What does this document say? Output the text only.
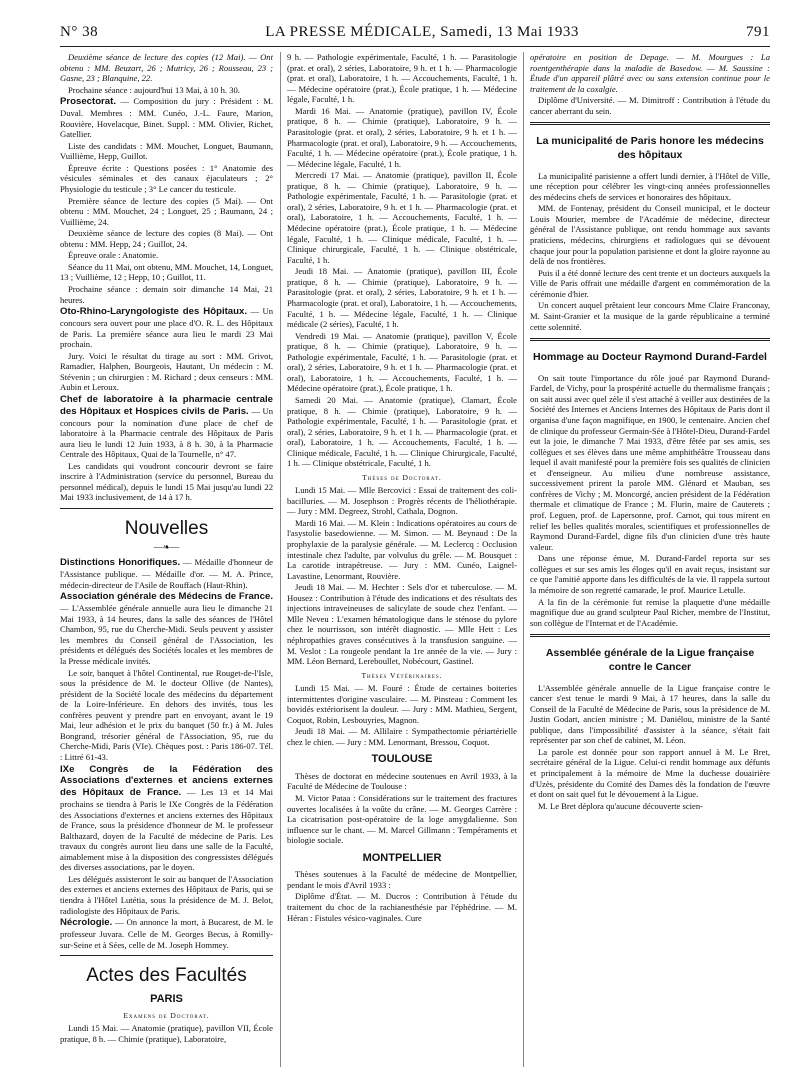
N° 38	LA PRESSE MÉDICALE, Samedi, 13 Mai 1933	791

Deuxième séance de lecture des copies (12 Mai). — Ont obtenu : MM. Beuzart, 26 ; Mutricy, 26 ; Rousseau, 23 ; Gasne, 23 ; Blanquine, 22.

Prochaine séance : aujourd'hui 13 Mai, à 10 h. 30.

Prosectorat. — Composition du jury : Président : M. Duval. Membres : MM. Cunéo, J.-L. Faure, Marion, Rouvière, Hovelacque, Binet. Suppl. : MM. Olivier, Richet, Gatellier.

Liste des candidats : MM. Mouchet, Longuet, Baumann, Vuillième, Hepp, Guillot.

Épreuve écrite : Questions posées : 1° Anatomie des vésicules séminales et des canaux éjaculateurs ; 2° Physiologie du testicule ; 3° Le cancer du testicule.

Première séance de lecture des copies (5 Mai). — Ont obtenu : MM. Mouchet, 24 ; Longuet, 25 ; Baumann, 24 ; Vuillième, 24.

Deuxième séance de lecture des copies (8 Mai). — Ont obtenu : MM. Hepp, 24 ; Guillot, 24.

Épreuve orale : Anatomie.

Séance du 11 Mai, ont obtenu, MM. Mouchet, 14, Longuet, 13 ; Vuillième, 12 ; Hepp, 10 ; Guillot, 11.

Prochaine séance : demain soir dimanche 14 Mai, 21 heures.

Oto-Rhino-Laryngologiste des Hôpitaux. — Un concours sera ouvert pour une place d'O. R. L. des Hôpitaux de Paris. La première séance aura lieu le mardi 23 Mai prochain.

Jury. Voici le résultat du tirage au sort : MM. Grivot, Ramadier, Halphen, Bourgeois, Hautant, Un médecin : M. Stévenin ; un chirurgien : M. Richard ; deux censeurs : MM. Aubin et Leroux.

Chef de laboratoire à la pharmacie centrale des Hôpitaux et Hospices civils de Paris. — Un concours pour la nomination d'une place de chef de laboratoire à la Pharmacie centrale des Hôpitaux de Paris aura lieu le lundi 12 Juin 1933, à 8 h. 30, à la Pharmacie Centrale des Hôpitaux, Quai de la Tournelle, n° 47.

Les candidats qui voudront concourir devront se faire inscrire à l'Administration (service du personnel, Bureau du personnel médical), depuis le lundi 15 Mai jusqu'au lundi 22 Mai 1933 inclusivement, de 14 à 17 h.

Nouvelles
—❧—

Distinctions Honorifiques. — Médaille d'honneur de l'Assistance publique. — Médaille d'or. — M. A. Prince, médecin-directeur de l'Asile de Rouffach (Haut-Rhin).

Association générale des Médecins de France. — L'Assemblée générale annuelle aura lieu le dimanche 21 Mai 1933, à 14 heures, dans la salle des séances de l'Hôtel Chambon, 95, rue du Cherche-Midi. Seuls peuvent y assister les membres du Conseil général de l'Association, les présidents et délégués des Sociétés locales et les membres de la Presse médicale invités.

Le soir, banquet à l'hôtel Continental, rue Rouget-de-l'Isle, sous la présidence de M. le docteur Ollive (de Nantes), président de la Société locale des médecins du département de la Loire-Inférieure. En dehors des invités, tous les confrères peuvent y prendre part en envoyant, avant le 19 Mai, leur adhésion et le prix du banquet (50 fr.) à M. Jules Bongrand, trésorier général de l'Association, 95, rue du Cherche-Midi, Paris (VIe). Chèques post. : Paris 186-07. Tél. : Littré 61-43.

IXe Congrès de la Fédération des Associations d'externes et anciens externes des Hôpitaux de France. — Les 13 et 14 Mai prochains se tiendra à Paris le IXe Congrès de la Fédération des Associations d'externes et anciens externes des Hôpitaux de France, sous la présidence d'honneur de M. le professeur Balthazard, doyen de la Faculté de médecine de Paris. Les travaux du congrès auront lieu dans une salle de la Faculté, aimablement mise à la disposition des congressistes délégués des diverses associations, par le doyen.

Les délégués assisteront le soir au banquet de l'Association des externes et anciens externes des Hôpitaux de Paris, qui se tiendra à l'Hôtel Lutétia, sous la présidence de M. J. Belot, radiologiste des Hôpitaux de Paris.

Nécrologie. — On annonce la mort, à Bucarest, de M. le professeur Juvara. Celle de M. Georges Becus, à Romilly-sur-Seine et à Sées, celle de M. Joseph Hommey.

Actes des Facultés
PARIS
Examens de Doctorat.

Lundi 15 Mai. — Anatomie (pratique), pavillon VII, École pratique, 8 h. — Chimie (pratique), Laboratoire,

9 h. — Pathologie expérimentale, Faculté, 1 h. — Parasitologie (prat. et oral), 2 séries, Laboratoire, 9 h. et 1 h. — Pharmacologie (prat. et oral), Laboratoire, 1 h. — Accouchements, Faculté, 1 h. — Médecine opératoire (prat.), École pratique, 1 h. — Médecine légale, Faculté, 1 h.

Mardi 16 Mai. — Anatomie (pratique), pavillon IV, École pratique, 8 h. — Chimie (pratique), Laboratoire, 9 h. — Parasitologie (prat. et oral), 2 séries, Laboratoire, 9 h. et 1 h. — Pharmacologie (prat. et oral), Laboratoire, 9 h. — Accouchements, Faculté, 1 h. — Médecine opératoire (prat.), École pratique, 1 h. — Médecine légale, Faculté, 1 h.

Mercredi 17 Mai. — Anatomie (pratique), pavillon II, École pratique, 8 h. — Chimie (pratique), Laboratoire, 9 h. — Pathologie expérimentale, Faculté, 1 h. — Parasitologie (prat. et oral), 2 séries, Laboratoire, 9 h. et 1 h. — Pharmacologie (prat. et oral), Laboratoire, 1 h. — Accouchements, Faculté, 1 h. — Médecine opératoire (prat.), École pratique, 1 h. — Médecine légale, Faculté, 1 h. — Clinique médicale, Faculté, 1 h. — Clinique chirurgicale, Faculté, 1 h. — Clinique obstétricale, Faculté, 1 h.

Jeudi 18 Mai. — Anatomie (pratique), pavillon III, École pratique, 8 h. — Chimie (pratique), Laboratoire, 9 h. — Parasitologie (prat. et oral), 2 séries, Laboratoire, 9 h. et 1 h. — Pharmacologie (prat. et oral), Laboratoire, 1 h. — Accouchements, Faculté, 1 h. — Médecine légale, Faculté, 1 h. — Clinique médicale (2 séries), Faculté, 1 h.

Vendredi 19 Mai. — Anatomie (pratique), pavillon V, École pratique, 8 h. — Chimie (pratique), Laboratoire, 9 h. — Pathologie expérimentale, Faculté, 1 h. — Parasitologie (prat. et oral), 2 séries, Laboratoire, 9 h. et 1 h. — Pharmacologie (prat. et oral), Laboratoire, 1 h. — Accouchements, Faculté, 1 h. — Médecine opératoire (prat.), École pratique, 1 h.

Samedi 20 Mai. — Anatomie (pratique), Clamart, École pratique, 8 h. — Chimie (pratique), Laboratoire, 9 h. — Pathologie expérimentale, Faculté, 1 h. — Parasitologie (prat. et oral), 2 séries, Laboratoire, 9 h. et 1 h. — Pharmacologie (prat. et oral), Laboratoire, 1 h. — Accouchements, Faculté, 1 h. — Clinique médicale, Faculté, 1 h. — Clinique Chirurgicale, Faculté, 1 h. — Clinique obstétricale, Faculté, 1 h.

Thèses de Doctorat.

Lundi 15 Mai. — Mlle Bercovici : Essai de traitement des coli-bacilluries. — M. Josephson : Progrès récents de l'héliothérapie. — Jury : MM. Degreez, Strohl, Cathala, Dognon.

Mardi 16 Mai. — M. Klein : Indications opératoires au cours de l'asystolie basedowienne. — M. Simon. — M. Beynaud : De la prophylaxie de la paralysie générale. — M. Leclercq : Occlusion intestinale chez l'adulte, par volvulus du grêle. — M. Bousquet : La carotide intrapétreuse. — Jury : MM. Cunéo, Laignel-Lavastine, Lenormant, Rouvière.

Jeudi 18 Mai. — M. Hechter : Sels d'or et tuberculose. — M. Housez : Contribution à l'étude des indications et des résultats des injections intraveineuses de salicylate de soude chez l'enfant. — Mlle Neveu : L'examen hématologique dans le sténose du pylore chez le nourrisson, son intérêt diagnostic. — Mlle Hett : Les néphropathies graves consécutives à la transfusion sanguine. — M. Veslot : La rougeole pendant la 1re année de la vie. — Jury : MM. Léon Bernard, Lereboullet, Nobécourt, Gastinel.

Thèses Vétérinaires.

Lundi 15 Mai. — M. Fouré : Étude de certaines boiteries intermittentes d'origine vasculaire. — M. Pinsteau : Comment les bovidés extériorisent la douleur. — Jury : MM. Mathieu, Sergent, Coquot, Robin, Lesbouyries, Magnon.

Jeudi 18 Mai. — M. Allilaire : Sympathectomie périartérielle chez le chien. — Jury : MM. Lenormant, Bressou, Coquot.

TOULOUSE

Thèses de doctorat en médecine soutenues en Avril 1933, à la Faculté de Médecine de Toulouse :

M. Victor Pataa : Considérations sur le traitement des fractures ouvertes localisées à la voûte du crâne. — M. Georges Carrère : La cicatrisation post-opératoire de la loge amygdalienne. Son influence sur le chant. — M. Marcel Gillmann : Tempéraments et biologie sociale.

MONTPELLIER

Thèses soutenues à la Faculté de médecine de Montpellier, pendant le mois d'Avril 1933 :

Diplôme d'État. — M. Ducros : Contribution à l'étude du traitement du choc de la rachianesthésie par l'éphédrine. — M. Héran : Fistules vésico-vaginales. Cure

opératoire en position de Depage. — M. Mourgues : La roentgenthérapie dans la maladie de Basedow. — M. Saussine : Étude d'un appareil plâtré avec ou sans extension continue pour le traitement de la coxalgie.

Diplôme d'Université. — M. Dimitroff : Contribution à l'étude du cancer aberrant du sein.

La municipalité de Paris honore les médecins des hôpitaux

La municipalité parisienne a offert lundi dernier, à l'Hôtel de Ville, une réception pour célébrer les vingt-cinq années professionnelles des médecins chefs de services et honoraires des hôpitaux.

MM. de Fontenay, président du Conseil municipal, et le docteur Louis Mourier, membre de l'Académie de médecine, directeur général de l'Assistance publique, ont rendu hommage aux savants praticiens, médecins, chirurgiens et radiologues qui se dévouent chaque jour pour la population parisienne et dont la gloire rayonne au delà de nos frontières.

Puis il a été donné lecture des cent trente et un docteurs auxquels la Ville de Paris offrait une médaille d'argent en commémoration de la cérémonie d'hier.

Un concert auquel prêtaient leur concours Mme Claire Franconay, M. Saint-Granier et la musique de la garde républicaine a terminé cette solennité.

Hommage au Docteur Raymond Durand-Fardel

On sait toute l'importance du rôle joué par Raymond Durand-Fardel, de Vichy, pour la prospérité actuelle du thermalisme français ; on sait aussi avec quel zèle il s'est attaché à veiller aux destinées de la Société des Internes et Anciens Internes des Hôpitaux de Paris dont il organisa d'une façon magnifique, en 1900, le centenaire. Ancien chef de clinique du professeur Germain-Sée à l'Hôtel-Dieu, Durand-Fardel eut la joie, le dimanche 7 Mai 1933, d'être fêtée par ses amis, ses collègues et ses élèves dans une même amphithéâtre Trousseau dans lequel il avait manifesté pour la première fois ses qualités de clinicien et d'enseigneur. Au milieu d'une nombreuse assistance, successivement prirent la parole MM. Glénard et Mauban, ses confrères de Vichy ; M. Moncorgé, ancien président de la Fédération thermale et climatique de France ; M. Flurin, maire de Cauterets ; prof. Leguen, prof. de Lapersonne, prof. Carnot, qui tous mirent en relief les belles qualités morales, scientifiques et professionnelles de Raymond Durand-Fardel, digne fils d'un clinicien d'une très haute valeur.

Dans une réponse émue, M. Durand-Fardel reporta sur ses collègues et sur ses amis les éloges qu'il en avait reçus, insistant sur ce que l'amitié apporte dans les difficultés de la vie. Il rappela surtout la mémoire de son regretté camarade, le prof. Maurice Letulle.

A la fin de la cérémonie fut remise la plaquette d'une médaille magnifique due au grand sculpteur Paul Richer, membre de l'Institut, son collègue de l'Internat et de l'Académie.

Assemblée générale de la Ligue française contre le Cancer

L'Assemblée générale annuelle de la Ligue française contre le cancer s'est tenue le mardi 9 Mai, à 17 heures, dans la salle du Conseil de la Faculté de Médecine de Paris, sous la présidence de M. Justin Godart, ancien ministre ; M. Daniélou, ministre de la Santé publique, dans l'impossibilité d'assister à la séance, s'était fait représenter par son chef de cabinet, M. Léon.

La parole est donnée pour son rapport annuel à M. Le Bret, secrétaire général de la Ligue. Celui-ci rendit hommage aux défunts et principalement à la mémoire de Mme la duchesse douairière d'Uzès, présidente du Comité des Dames dès la fondation de l'œuvre et dont on sait quel fut le dévouement à la Ligue.

M. Le Bret déplora qu'aucune découverte scien-
